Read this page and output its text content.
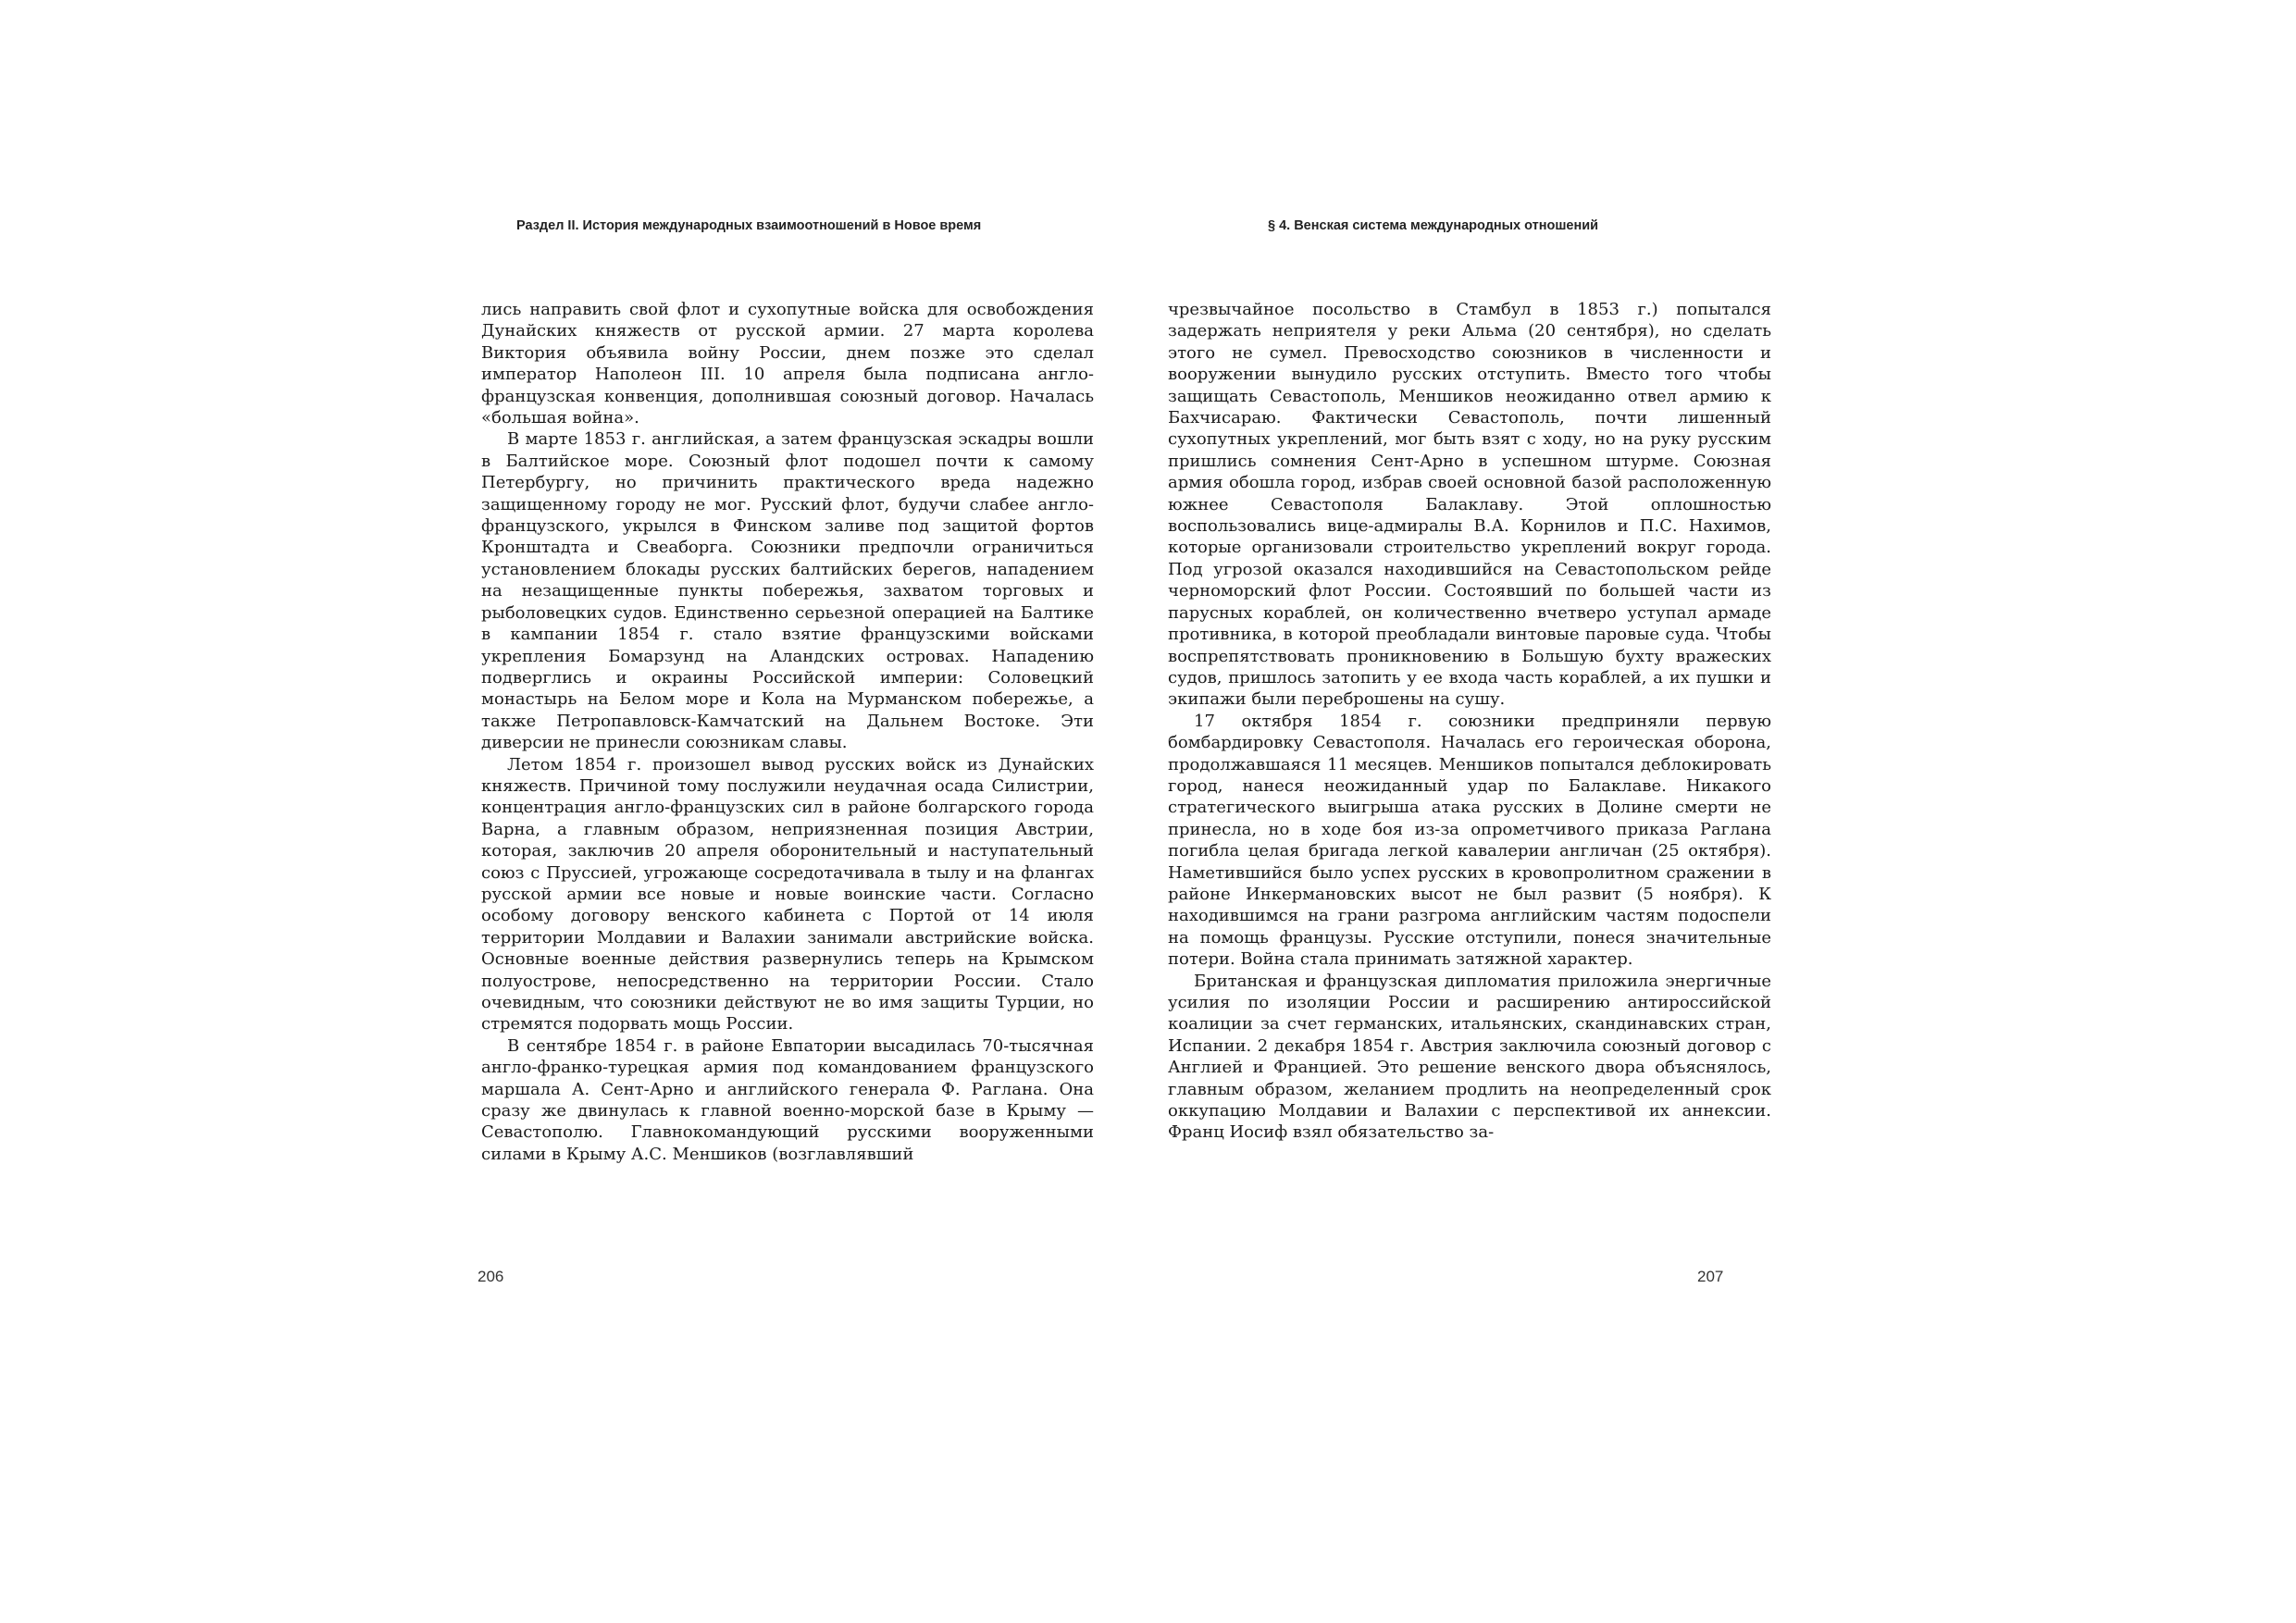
Раздел II. История международных взаимоотношений в Новое время

лись направить свой флот и сухопутные войска для освобождения Дунайских княжеств от русской армии. 27 марта королева Виктория объявила войну России, днем позже это сделал император Наполеон III. 10 апреля была подписана англо-французская конвенция, дополнившая союзный договор. Началась «большая война».

В марте 1853 г. английская, а затем французская эскадры вошли в Балтийское море. Союзный флот подошел почти к самому Петербургу, но причинить практического вреда надежно защищенному городу не мог. Русский флот, будучи слабее англо-французского, укрылся в Финском заливе под защитой фортов Кронштадта и Свеаборга. Союзники предпочли ограничиться установлением блокады русских балтийских берегов, нападением на незащищенные пункты побережья, захватом торговых и рыболовецких судов. Единственно серьезной операцией на Балтике в кампании 1854 г. стало взятие французскими войсками укрепления Бомарзунд на Аландских островах. Нападению подверглись и окраины Российской империи: Соловецкий монастырь на Белом море и Кола на Мурманском побережье, а также Петропавловск-Камчатский на Дальнем Востоке. Эти диверсии не принесли союзникам славы.

Летом 1854 г. произошел вывод русских войск из Дунайских княжеств. Причиной тому послужили неудачная осада Силистрии, концентрация англо-французских сил в районе болгарского города Варна, а главным образом, неприязненная позиция Австрии, которая, заключив 20 апреля оборонительный и наступательный союз с Пруссией, угрожающе сосредотачивала в тылу и на флангах русской армии все новые и новые воинские части. Согласно особому договору венского кабинета с Портой от 14 июля территории Молдавии и Валахии занимали австрийские войска. Основные военные действия развернулись теперь на Крымском полуострове, непосредственно на территории России. Стало очевидным, что союзники действуют не во имя защиты Турции, но стремятся подорвать мощь России.

В сентябре 1854 г. в районе Евпатории высадилась 70-тысячная англо-франко-турецкая армия под командованием французского маршала А. Сент-Арно и английского генерала Ф. Раглана. Она сразу же двинулась к главной военно-морской базе в Крыму — Севастополю. Главнокомандующий русскими вооруженными силами в Крыму А.С. Меншиков (возглавлявший

206
§ 4. Венская система международных отношений

чрезвычайное посольство в Стамбул в 1853 г.) попытался задержать неприятеля у реки Альма (20 сентября), но сделать этого не сумел. Превосходство союзников в численности и вооружении вынудило русских отступить. Вместо того чтобы защищать Севастополь, Меншиков неожиданно отвел армию к Бахчисараю. Фактически Севастополь, почти лишенный сухопутных укреплений, мог быть взят с ходу, но на руку русским пришлись сомнения Сент-Арно в успешном штурме. Союзная армия обошла город, избрав своей основной базой расположенную южнее Севастополя Балаклаву. Этой оплошностью воспользовались вице-адмиралы В.А. Корнилов и П.С. Нахимов, которые организовали строительство укреплений вокруг города. Под угрозой оказался находившийся на Севастопольском рейде черноморский флот России. Состоявший по большей части из парусных кораблей, он количественно вчетверо уступал армаде противника, в которой преобладали винтовые паровые суда. Чтобы воспрепятствовать проникновению в Большую бухту вражеских судов, пришлось затопить у ее входа часть кораблей, а их пушки и экипажи были переброшены на сушу.

17 октября 1854 г. союзники предприняли первую бомбардировку Севастополя. Началась его героическая оборона, продолжавшаяся 11 месяцев. Меншиков попытался деблокировать город, нанеся неожиданный удар по Балаклаве. Никакого стратегического выигрыша атака русских в Долине смерти не принесла, но в ходе боя из-за опрометчивого приказа Раглана погибла целая бригада легкой кавалерии англичан (25 октября). Наметившийся было успех русских в кровопролитном сражении в районе Инкермановских высот не был развит (5 ноября). К находившимся на грани разгрома английским частям подоспели на помощь французы. Русские отступили, понеся значительные потери. Война стала принимать затяжной характер.

Британская и французская дипломатия приложила энергичные усилия по изоляции России и расширению антироссийской коалиции за счет германских, итальянских, скандинавских стран, Испании. 2 декабря 1854 г. Австрия заключила союзный договор с Англией и Францией. Это решение венского двора объяснялось, главным образом, желанием продлить на неопределенный срок оккупацию Молдавии и Валахии с перспективой их аннексии. Франц Иосиф взял обязательство за-

207
